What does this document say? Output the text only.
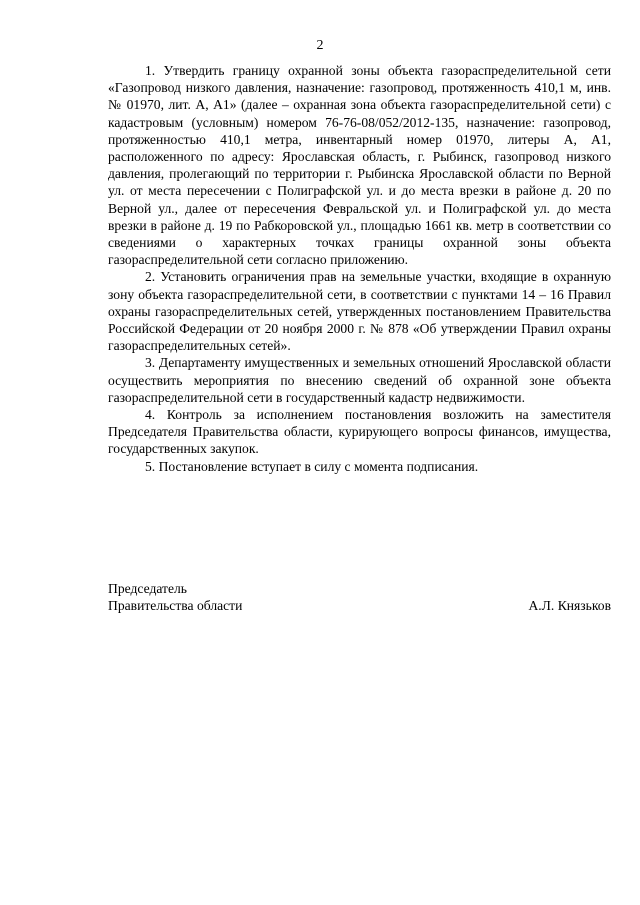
2

1. Утвердить границу охранной зоны объекта газораспределительной сети «Газопровод низкого давления, назначение: газопровод, протяженность 410,1 м, инв. № 01970, лит. А, А1» (далее – охранная зона объекта газораспределительной сети) с кадастровым (условным) номером 76-76-08/052/2012-135, назначение: газопровод, протяженностью 410,1 метра, инвентарный номер 01970, литеры А, А1, расположенного по адресу: Ярославская область, г. Рыбинск, газопровод низкого давления, пролегающий по территории г. Рыбинска Ярославской области по Верной ул. от места пересечении с Полиграфской ул. и до места врезки в районе д. 20 по Верной ул., далее от пересечения Февральской ул. и Полиграфской ул. до места врезки в районе д. 19 по Рабкоровской ул., площадью 1661 кв. метр в соответствии со сведениями о характерных точках границы охранной зоны объекта газораспределительной сети согласно приложению.

2. Установить ограничения прав на земельные участки, входящие в охранную зону объекта газораспределительной сети, в соответствии с пунктами 14 – 16 Правил охраны газораспределительных сетей, утвержденных постановлением Правительства Российской Федерации от 20 ноября 2000 г. № 878 «Об утверждении Правил охраны газораспределительных сетей».

3. Департаменту имущественных и земельных отношений Ярославской области осуществить мероприятия по внесению сведений об охранной зоне объекта газораспределительной сети в государственный кадастр недвижимости.

4. Контроль за исполнением постановления возложить на заместителя Председателя Правительства области, курирующего вопросы финансов, имущества, государственных закупок.

5. Постановление вступает в силу с момента подписания.

Председатель
Правительства области	А.Л. Князьков
